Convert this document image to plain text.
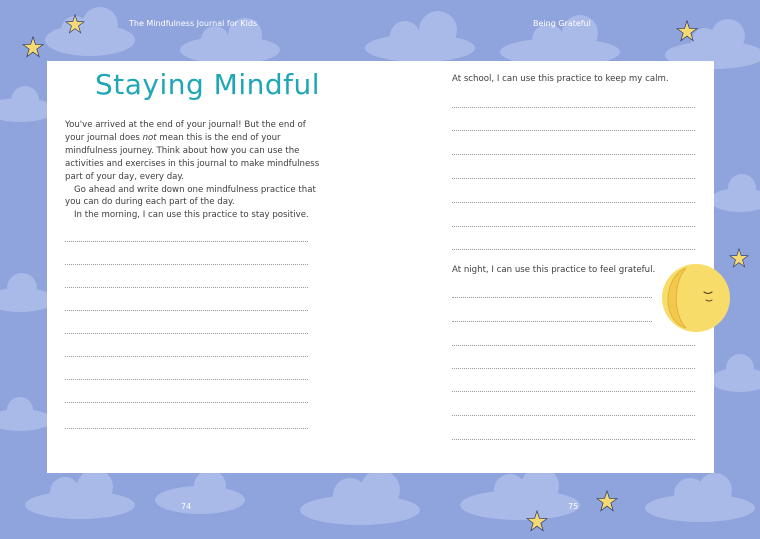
The Mindfulness Journal for Kids	Being Grateful
Staying Mindful

You've arrived at the end of your journal! But the end of your journal does not mean this is the end of your mindfulness journey. Think about how you can use the activities and exercises in this journal to make mindfulness part of your day, every day.

Go ahead and write down one mindfulness practice that you can do during each part of the day.

In the morning, I can use this practice to stay positive.

At school, I can use this practice to keep my calm.
At night, I can use this practice to feel grateful.
74	75
